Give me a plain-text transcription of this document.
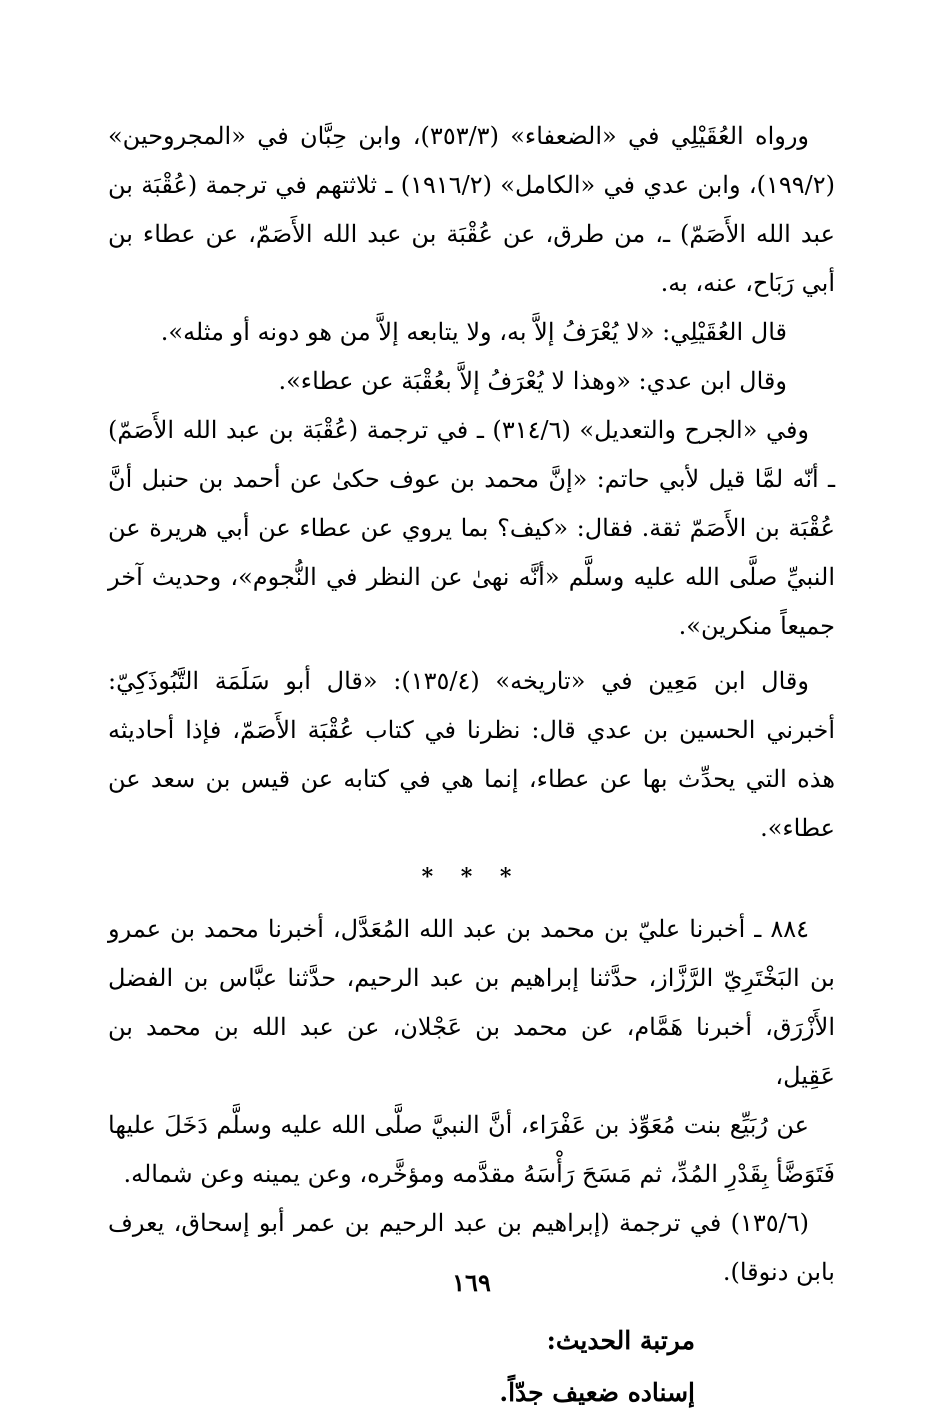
ورواه العُقَيْلِي في «الضعفاء» (٣٥٣/٣)، وابن حِبَّان في «المجروحين» (١٩٩/٢)، وابن عدي في «الكامل» (١٩١٦/٢) ـ ثلاثتهم في ترجمة (عُقْبَة بن عبد الله الأَصَمّ) ـ، من طرق، عن عُقْبَة بن عبد الله الأَصَمّ، عن عطاء بن أبي رَبَاح، عنه، به.

قال العُقَيْلِي: «لا يُعْرَفُ إلاَّ به، ولا يتابعه إلاَّ من هو دونه أو مثله».

وقال ابن عدي: «وهذا لا يُعْرَفُ إلاَّ بعُقْبَة عن عطاء».

وفي «الجرح والتعديل» (٣١٤/٦) ـ في ترجمة (عُقْبَة بن عبد الله الأَصَمّ) ـ أنّه لمَّا قيل لأبي حاتم: «إنَّ محمد بن عوف حكىٰ عن أحمد بن حنبل أنَّ عُقْبَة بن الأَصَمّ ثقة. فقال: «كيف؟ بما يروي عن عطاء عن أبي هريرة عن النبيِّ صلَّى الله عليه وسلَّم «أنَّه نهىٰ عن النظر في النُّجوم»، وحديث آخر جميعاً منكرين».

وقال ابن مَعِين في «تاريخه» (١٣٥/٤): «قال أبو سَلَمَة التَّبُوذَكِيّ: أخبرني الحسين بن عدي قال: نظرنا في كتاب عُقْبَة الأَصَمّ، فإذا أحاديثه هذه التي يحدِّث بها عن عطاء، إنما هي في كتابه عن قيس بن سعد عن عطاء».

* * *

٨٨٤ ـ أخبرنا عليّ بن محمد بن عبد الله المُعَدَّل، أخبرنا محمد بن عمرو بن البَخْتَرِيّ الرَّزَّاز، حدَّثنا إبراهيم بن عبد الرحيم، حدَّثنا عبَّاس بن الفضل الأَزْرَق، أخبرنا هَمَّام، عن محمد بن عَجْلان، عن عبد الله بن محمد بن عَقِيل،

عن رُبَيِّع بنت مُعَوِّذ بن عَفْرَاء، أنَّ النبيَّ صلَّى الله عليه وسلَّم دَخَلَ عليها فَتَوَضَّأ بِقَدْرِ المُدِّ، ثم مَسَحَ رَأْسَهُ مقدَّمه ومؤخَّره، وعن يمينه وعن شماله.

(١٣٥/٦) في ترجمة (إبراهيم بن عبد الرحيم بن عمر أبو إسحاق، يعرف بابن دنوقا).

مرتبة الحديث:
إسناده ضعيف جدّاً.
١٦٩
